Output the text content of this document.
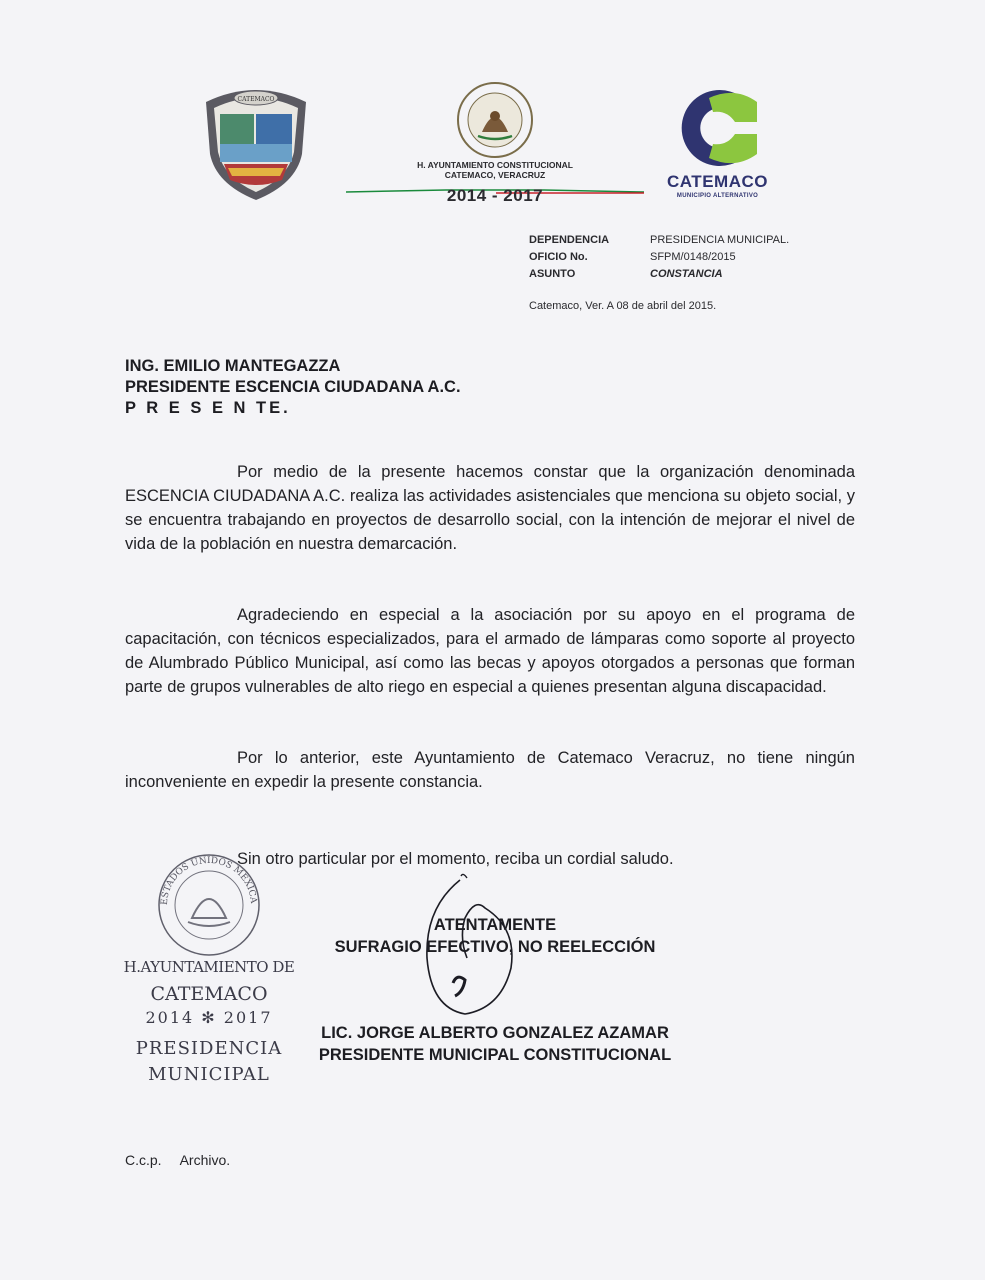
CATEMACO
H. AYUNTAMIENTO CONSTITUCIONAL
CATEMACO, VERACRUZ
2014 - 2017
CATEMACO
MUNICIPIO ALTERNATIVO
DEPENDENCIA
OFICIO No.
ASUNTO
PRESIDENCIA MUNICIPAL.
SFPM/0148/2015
CONSTANCIA
Catemaco, Ver. A 08 de abril del 2015.
ING. EMILIO MANTEGAZZA
PRESIDENTE ESCENCIA CIUDADANA A.C.
P R E S E N TE.
Por medio de la presente hacemos constar que la organización denominada ESCENCIA CIUDADANA A.C. realiza las actividades asistenciales que menciona su objeto social, y se encuentra trabajando en proyectos de desarrollo social, con la intención de mejorar el nivel de vida de la población en nuestra demarcación.
Agradeciendo en especial a la asociación por su apoyo en el programa de capacitación, con técnicos especializados, para el armado de lámparas como soporte al proyecto de Alumbrado Público Municipal, así como las becas y apoyos otorgados a personas que forman parte de grupos vulnerables de alto riego en especial a quienes presentan alguna discapacidad.
Por lo anterior, este Ayuntamiento de Catemaco Veracruz, no tiene ningún inconveniente en expedir la presente constancia.
Sin otro particular por el momento, reciba un cordial saludo.
ESTADOS UNIDOS MEXICA
H.AYUNTAMIENTO DE
CATEMACO
2014 ✻ 2017
PRESIDENCIA
MUNICIPAL
ATENTAMENTE
SUFRAGIO EFECTIVO, NO REELECCIÓN
LIC. JORGE ALBERTO GONZALEZ AZAMAR
PRESIDENTE MUNICIPAL CONSTITUCIONAL
C.c.p. Archivo.
